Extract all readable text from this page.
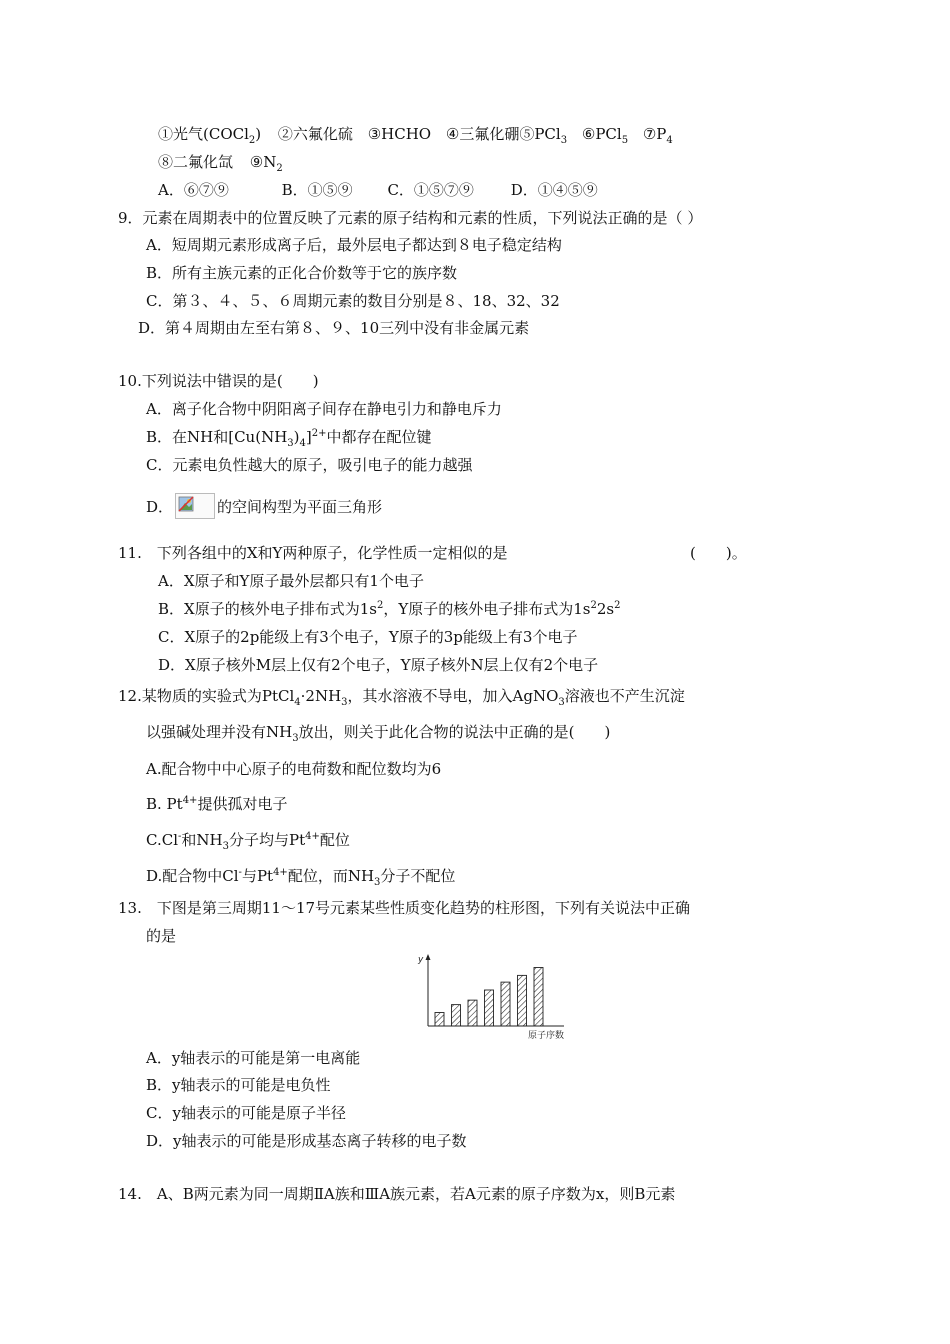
①光气(COCl$_2$) ②六氟化硫 ③HCHO ④三氟化硼⑤PCl$_3$ ⑥PCl$_5$ $⑦P_4$
⑧二氟化氙 $⑨N_2$
A．⑥⑦⑨	B．①⑤⑨ C．①⑤⑦⑨ D．①④⑤⑨
9．元素在周期表中的位置反映了元素的原子结构和元素的性质，下列说法正确的是（ ）
A．短周期元素形成离子后，最外层电子都达到８电子稳定结构
B．所有主族元素的正化合价数等于它的族序数
C．第３、４、５、６周期元素的数目分别是８、18、32、32
D．第４周期由左至右第８、９、10三列中没有非金属元素
10.下列说法中错误的是(　　)
A．离子化合物中阴阳离子间存在静电引力和静电斥力
B．在NH和$[Cu(NH_3)_4]^{2+}$中都存在配位键
C．元素电负性越大的原子，吸引电子的能力越强
D．	的空间构型为平面三角形
11.　下列各组中的X和Y两种原子，化学性质一定相似的是	(　　)。
A．X原子和Y原子最外层都只有1个电子
B．X原子的核外电子排布式为$1s^2$，Y原子的核外电子排布式为$1s^22s^2$
C．X原子的2p能级上有3个电子，Y原子的3p能级上有3个电子
D．X原子核外M层上仅有2个电子，Y原子核外N层上仅有2个电子
12.某物质的实验式为$PtCl_4\cdot 2NH_3$，其水溶液不导电，加入AgNO$_3$溶液也不产生沉淀
以强碱处理并没有$NH_3$放出，则关于此化合物的说法中正确的是(　　)
A.配合物中中心原子的电荷数和配位数均为6
B. $Pt^{4+}$提供孤对电子
C.Cl-和$NH_3$分子均与$Pt^{4+}$配位
D.配合物中Cl-与$Pt^{4+}$配位，而$NH_3$分子不配位
13.　下图是第三周期11～17号元素某些性质变化趋势的柱形图，下列有关说法中正确
的是
y
原子序数
A．y轴表示的可能是第一电离能
B．y轴表示的可能是电负性
C．y轴表示的可能是原子半径
D．y轴表示的可能是形成基态离子转移的电子数
14.　A、B两元素为同一周期ⅡA族和ⅢA族元素，若A元素的原子序数为x，则B元素
